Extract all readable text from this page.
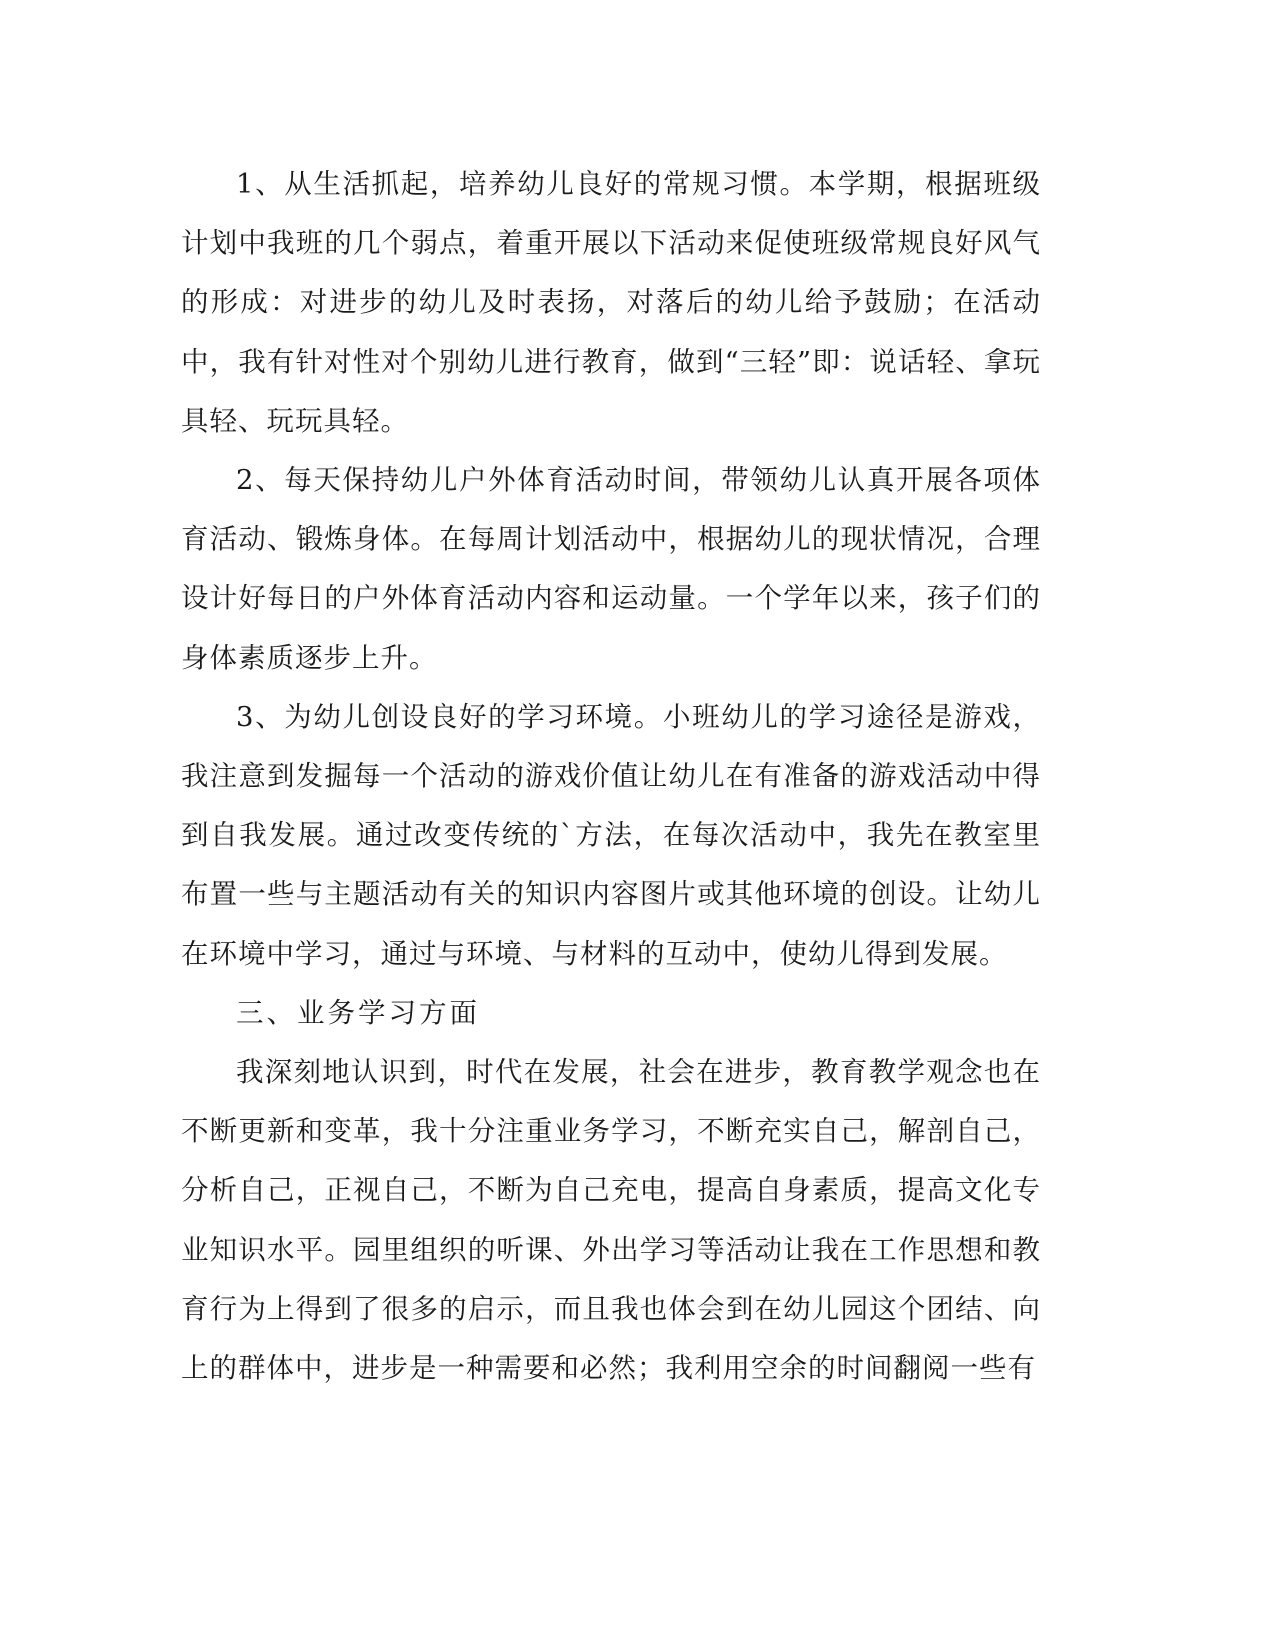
1、从生活抓起，培养幼儿良好的常规习惯。本学期，根据班级计划中我班的几个弱点，着重开展以下活动来促使班级常规良好风气的形成：对进步的幼儿及时表扬，对落后的幼儿给予鼓励；在活动中，我有针对性对个别幼儿进行教育，做到“三轻”即：说话轻、拿玩具轻、玩玩具轻。

2、每天保持幼儿户外体育活动时间，带领幼儿认真开展各项体育活动、锻炼身体。在每周计划活动中，根据幼儿的现状情况，合理设计好每日的户外体育活动内容和运动量。一个学年以来，孩子们的身体素质逐步上升。

3、为幼儿创设良好的学习环境。小班幼儿的学习途径是游戏，我注意到发掘每一个活动的游戏价值让幼儿在有准备的游戏活动中得到自我发展。通过改变传统的`方法，在每次活动中，我先在教室里布置一些与主题活动有关的知识内容图片或其他环境的创设。让幼儿在环境中学习，通过与环境、与材料的互动中，使幼儿得到发展。

三、业务学习方面

我深刻地认识到，时代在发展，社会在进步，教育教学观念也在不断更新和变革，我十分注重业务学习，不断充实自己，解剖自己，分析自己，正视自己，不断为自己充电，提高自身素质，提高文化专业知识水平。园里组织的听课、外出学习等活动让我在工作思想和教育行为上得到了很多的启示，而且我也体会到在幼儿园这个团结、向上的群体中，进步是一种需要和必然；我利用空余的时间翻阅一些有
